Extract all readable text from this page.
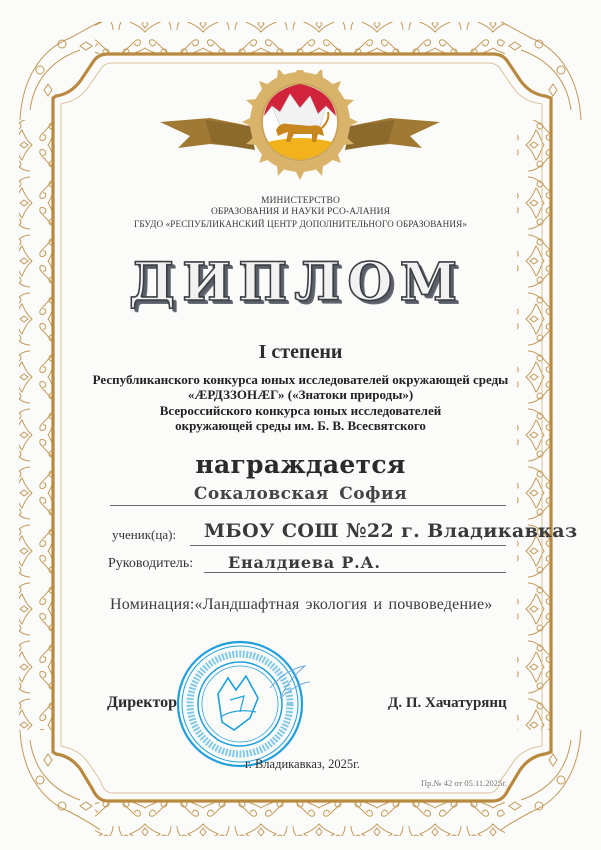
МИНИСТЕРСТВО
ОБРАЗОВАНИЯ И НАУКИ РСО-АЛАНИЯ
ГБУДО «РЕСПУБЛИКАНСКИЙ ЦЕНТР ДОПОЛНИТЕЛЬНОГО ОБРАЗОВАНИЯ»
ДИПЛОМ
I степени
Республиканского конкурса юных исследователей окружающей среды
«ÆРДЗЗОНÆГ» («Знатоки природы»)
Всероссийского конкурса юных исследователей
окружающей среды им. Б. В. Всесвятского
награждается
Сокаловская София
ученик(ца): МБОУ СОШ №22 г. Владикавказ
Руководитель: Еналдиева Р.А.
Номинация:«Ландшафтная экология и почвоведение»
Директор	Д. П. Хачатурянц
г. Владикавказ, 2025г.
Пр.№ 42 от 05.11.2025г.
